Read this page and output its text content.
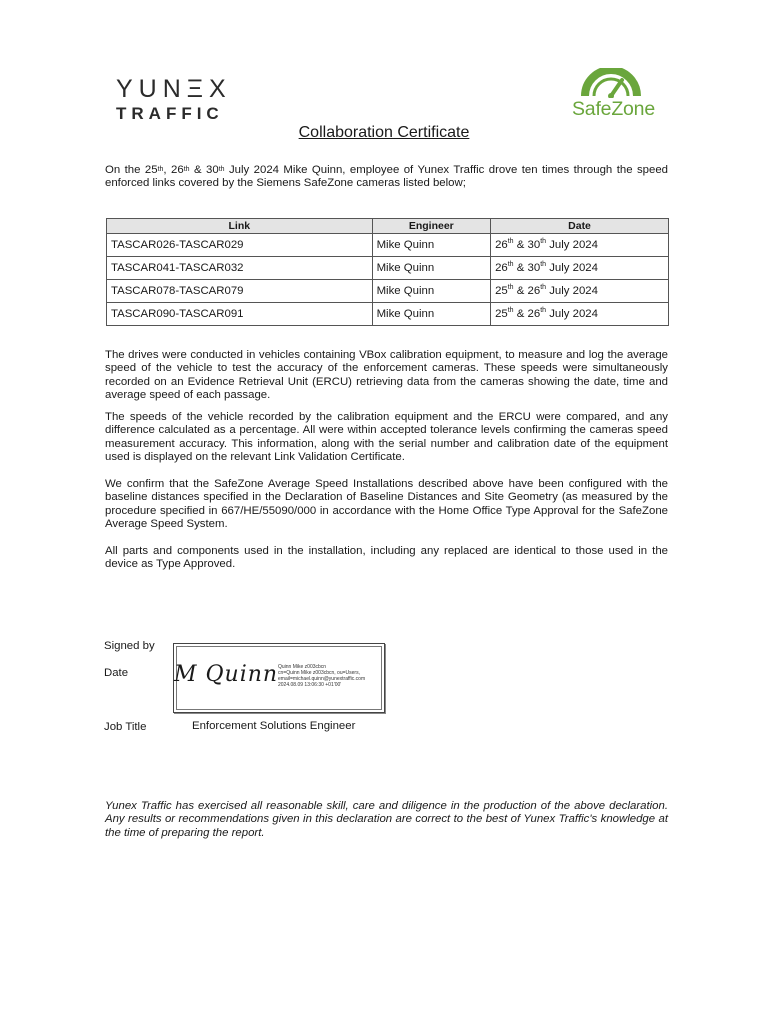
YUNΞX
TRAFFIC	SafeZone
Collaboration Certificate
On the 25th, 26th & 30th July 2024 Mike Quinn, employee of Yunex Traffic drove ten times through the speed enforced links covered by the Siemens SafeZone cameras listed below;
Link	Engineer	Date
TASCAR026-TASCAR029	Mike Quinn	26th & 30th July 2024
TASCAR041-TASCAR032	Mike Quinn	26th & 30th July 2024
TASCAR078-TASCAR079	Mike Quinn	25th & 26th July 2024
TASCAR090-TASCAR091	Mike Quinn	25th & 26th July 2024
The drives were conducted in vehicles containing VBox calibration equipment, to measure and log the average speed of the vehicle to test the accuracy of the enforcement cameras. These speeds were simultaneously recorded on an Evidence Retrieval Unit (ERCU) retrieving data from the cameras showing the date, time and average speed of each passage.
The speeds of the vehicle recorded by the calibration equipment and the ERCU were compared, and any difference calculated as a percentage. All were within accepted tolerance levels confirming the cameras speed measurement accuracy. This information, along with the serial number and calibration date of the equipment used is displayed on the relevant Link Validation Certificate.
We confirm that the SafeZone Average Speed Installations described above have been configured with the baseline distances specified in the Declaration of Baseline Distances and Site Geometry (as measured by the procedure specified in 667/HE/55090/000 in accordance with the Home Office Type Approval for the SafeZone Average Speed System.
All parts and components used in the installation, including any replaced are identical to those used in the device as Type Approved.
Signed by
Date M Quinn Quinn Mike z003cbcn
cn=Quinn Mike z003cbcn, ou=Users,
email=michael.quinn@yunextraffic.com
2024.08.09 13:06:30 +01'00'
Job Title	Enforcement Solutions Engineer
Yunex Traffic has exercised all reasonable skill, care and diligence in the production of the above declaration. Any results or recommendations given in this declaration are correct to the best of Yunex Traffic's knowledge at the time of preparing the report.
